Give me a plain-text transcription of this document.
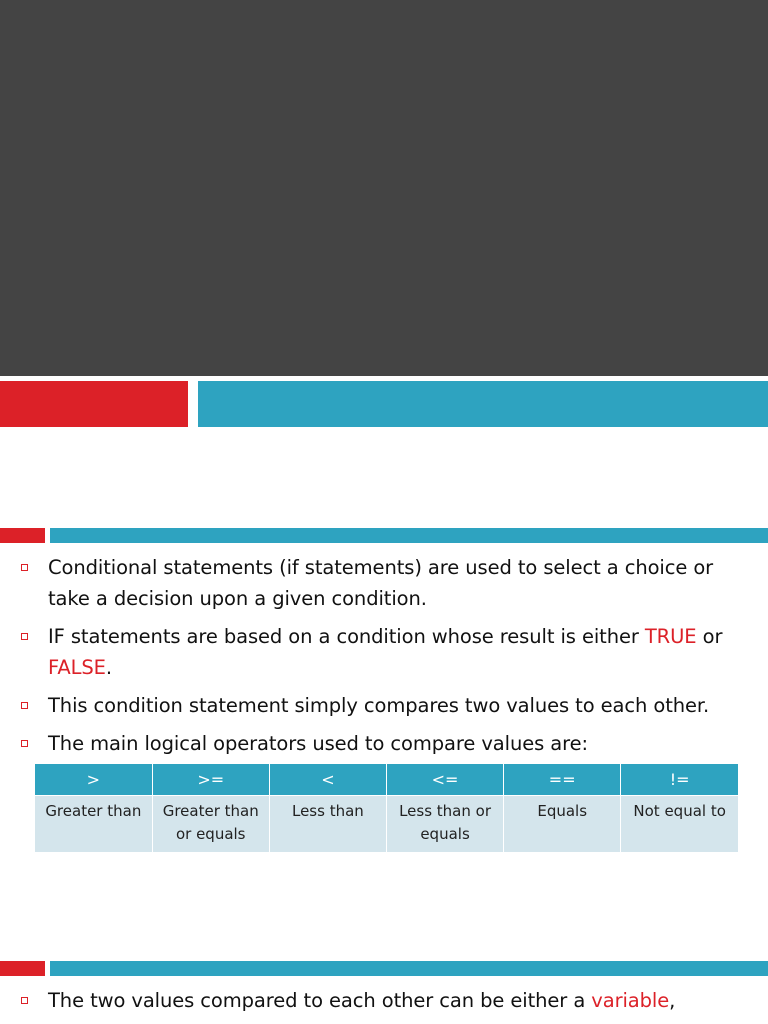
Conditional statements (if statements) are used to select a choice or take a decision upon a given condition.
IF statements are based on a condition whose result is either TRUE or FALSE.
This condition statement simply compares two values to each other.
The main logical operators used to compare values are:
>	>=	<	<=	==	!=
Greater than	Greater than or equals	Less than	Less than or equals	Equals	Not equal to
The two values compared to each other can be either a variable,
